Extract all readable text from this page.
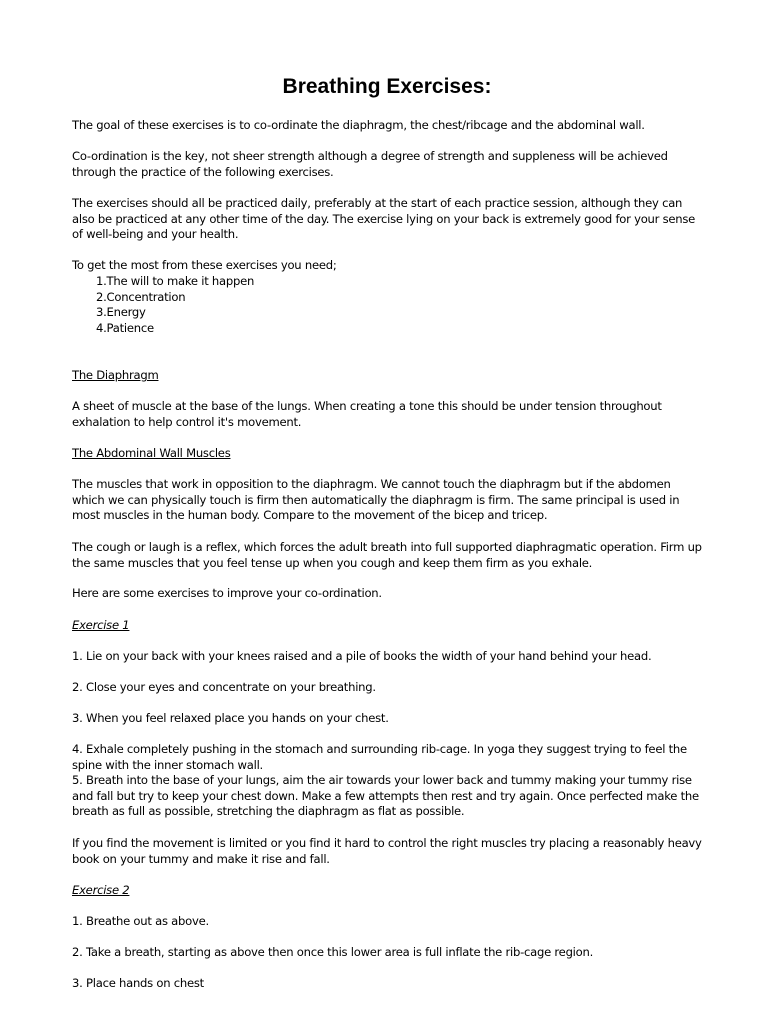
Breathing Exercises:

The goal of these exercises is to co-ordinate the diaphragm, the chest/ribcage and the abdominal wall.

Co-ordination is the key, not sheer strength although a degree of strength and suppleness will be achieved through the practice of the following exercises.

The exercises should all be practiced daily, preferably at the start of each practice session, although they can also be practiced at any other time of the day. The exercise lying on your back is extremely good for your sense of well-being and your health.

To get the most from these exercises you need;

1.The will to make it happen
2.Concentration
3.Energy
4.Patience

The Diaphragm

A sheet of muscle at the base of the lungs. When creating a tone this should be under tension throughout exhalation to help control it's movement.

The Abdominal Wall Muscles

The muscles that work in opposition to the diaphragm. We cannot touch the diaphragm but if the abdomen which we can physically touch is firm then automatically the diaphragm is firm. The same principal is used in most muscles in the human body. Compare to the movement of the bicep and tricep.

The cough or laugh is a reflex, which forces the adult breath into full supported diaphragmatic operation. Firm up the same muscles that you feel tense up when you cough and keep them firm as you exhale.

Here are some exercises to improve your co-ordination.

Exercise 1

1. Lie on your back with your knees raised and a pile of books the width of your hand behind your head.

2. Close your eyes and concentrate on your breathing.

3. When you feel relaxed place you hands on your chest.

4. Exhale completely pushing in the stomach and surrounding rib-cage. In yoga they suggest trying to feel the spine with the inner stomach wall.

5. Breath into the base of your lungs, aim the air towards your lower back and tummy making your tummy rise and fall but try to keep your chest down. Make a few attempts then rest and try again. Once perfected make the breath as full as possible, stretching the diaphragm as flat as possible.

If you find the movement is limited or you find it hard to control the right muscles try placing a reasonably heavy book on your tummy and make it rise and fall.

Exercise 2

1. Breathe out as above.

2. Take a breath, starting as above then once this lower area is full inflate the rib-cage region.

3. Place hands on chest
